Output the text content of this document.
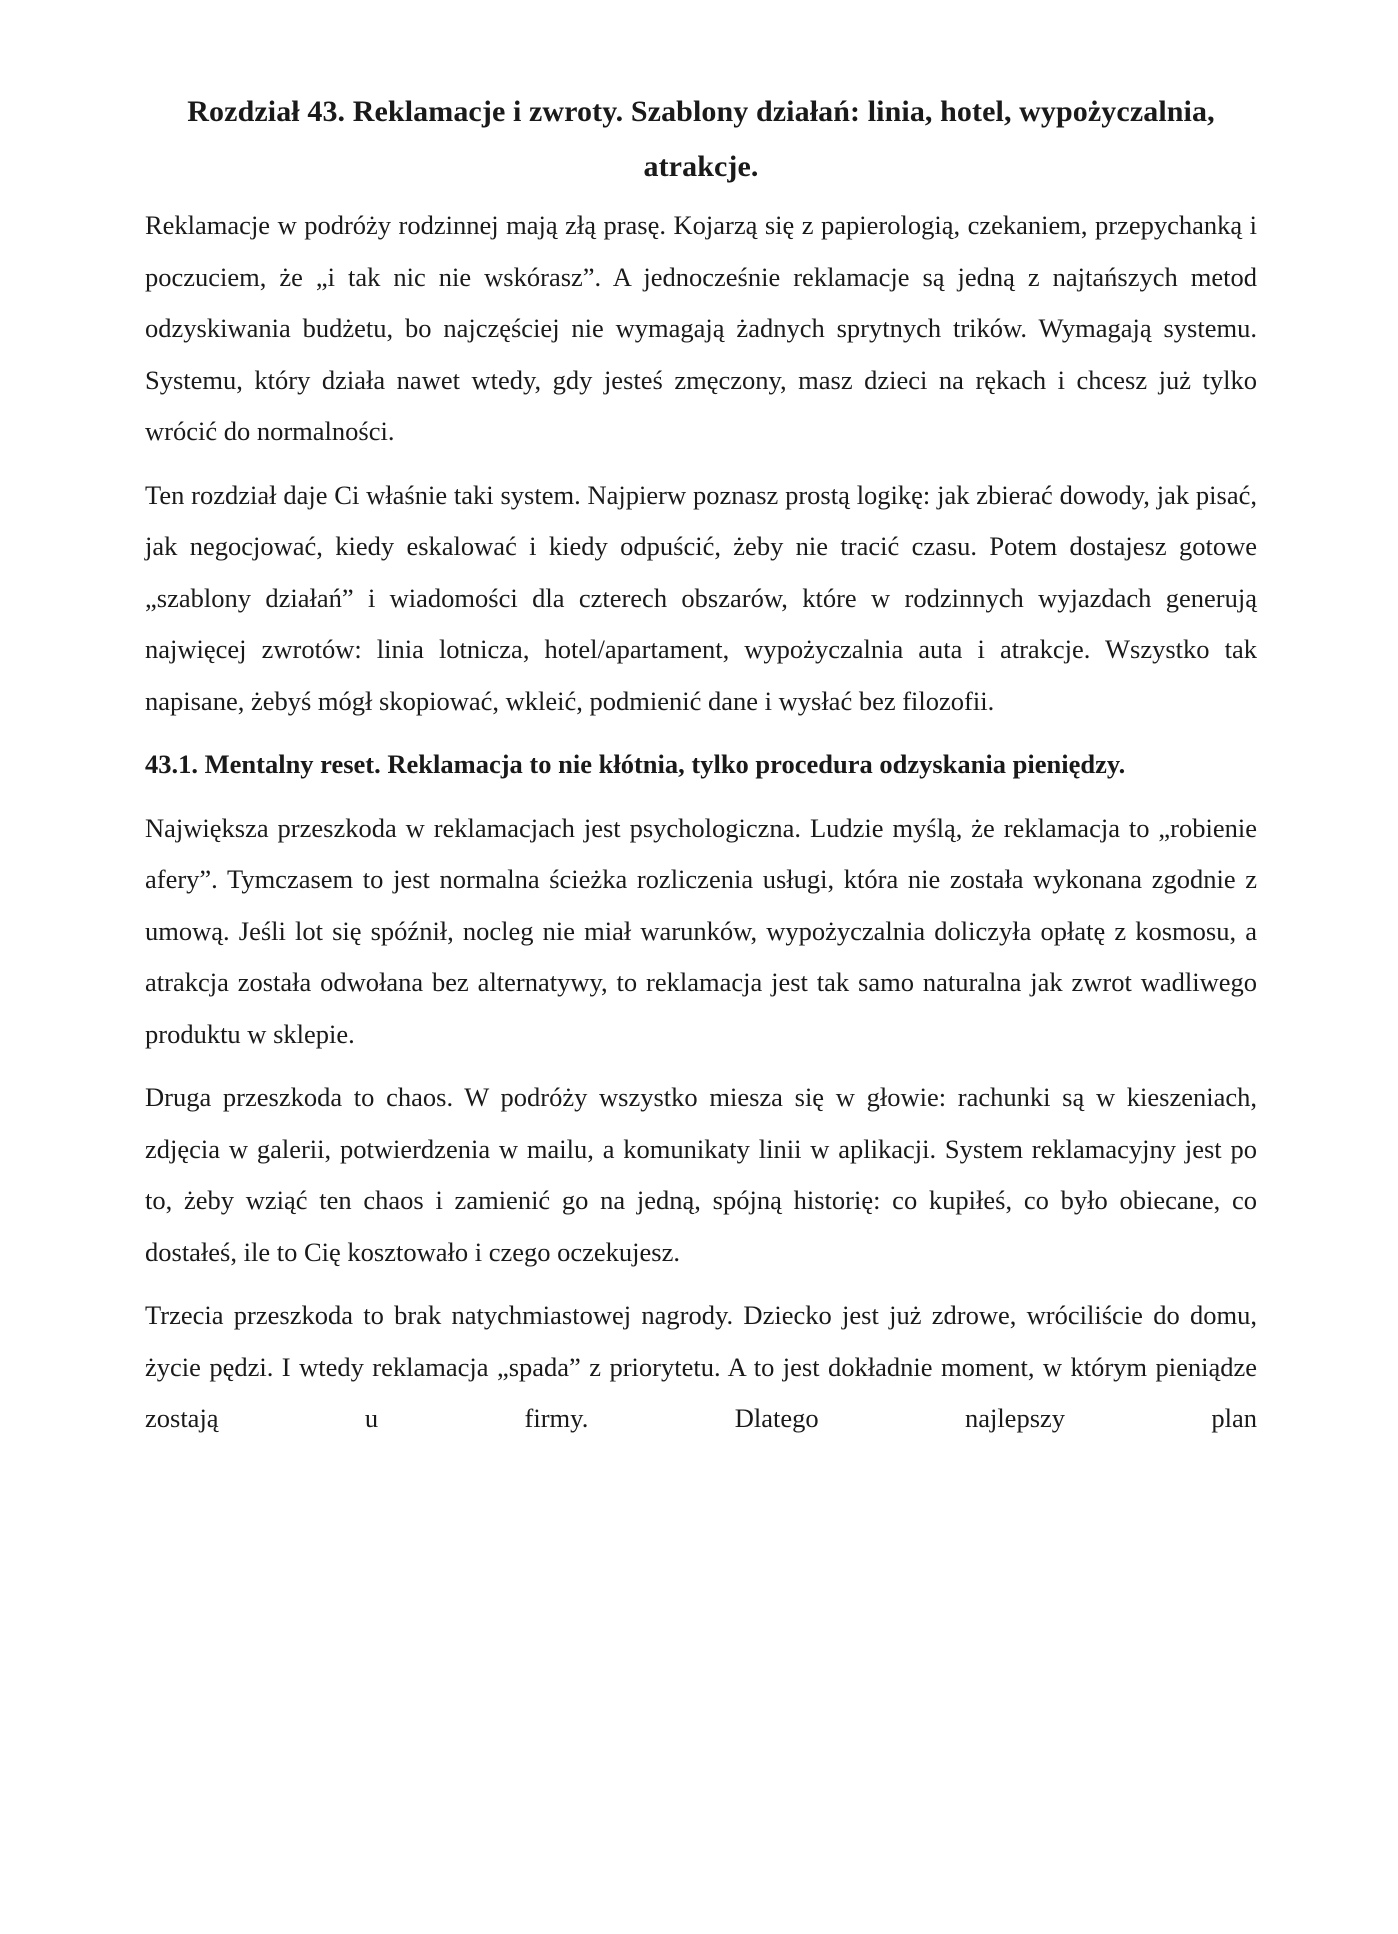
Rozdział 43. Reklamacje i zwroty. Szablony działań: linia, hotel, wypożyczalnia, atrakcje.

Reklamacje w podróży rodzinnej mają złą prasę. Kojarzą się z papierologią, czekaniem, przepychanką i poczuciem, że „i tak nic nie wskórasz”. A jednocześnie reklamacje są jedną z najtańszych metod odzyskiwania budżetu, bo najczęściej nie wymagają żadnych sprytnych trików. Wymagają systemu. Systemu, który działa nawet wtedy, gdy jesteś zmęczony, masz dzieci na rękach i chcesz już tylko wrócić do normalności.

Ten rozdział daje Ci właśnie taki system. Najpierw poznasz prostą logikę: jak zbierać dowody, jak pisać, jak negocjować, kiedy eskalować i kiedy odpuścić, żeby nie tracić czasu. Potem dostajesz gotowe „szablony działań” i wiadomości dla czterech obszarów, które w rodzinnych wyjazdach generują najwięcej zwrotów: linia lotnicza, hotel/apartament, wypożyczalnia auta i atrakcje. Wszystko tak napisane, żebyś mógł skopiować, wkleić, podmienić dane i wysłać bez filozofii.

43.1. Mentalny reset. Reklamacja to nie kłótnia, tylko procedura odzyskania pieniędzy.

Największa przeszkoda w reklamacjach jest psychologiczna. Ludzie myślą, że reklamacja to „robienie afery”. Tymczasem to jest normalna ścieżka rozliczenia usługi, która nie została wykonana zgodnie z umową. Jeśli lot się spóźnił, nocleg nie miał warunków, wypożyczalnia doliczyła opłatę z kosmosu, a atrakcja została odwołana bez alternatywy, to reklamacja jest tak samo naturalna jak zwrot wadliwego produktu w sklepie.

Druga przeszkoda to chaos. W podróży wszystko miesza się w głowie: rachunki są w kieszeniach, zdjęcia w galerii, potwierdzenia w mailu, a komunikaty linii w aplikacji. System reklamacyjny jest po to, żeby wziąć ten chaos i zamienić go na jedną, spójną historię: co kupiłeś, co było obiecane, co dostałeś, ile to Cię kosztowało i czego oczekujesz.

Trzecia przeszkoda to brak natychmiastowej nagrody. Dziecko jest już zdrowe, wróciliście do domu, życie pędzi. I wtedy reklamacja „spada” z priorytetu. A to jest dokładnie moment, w którym pieniądze zostają u firmy. Dlatego najlepszy plan
